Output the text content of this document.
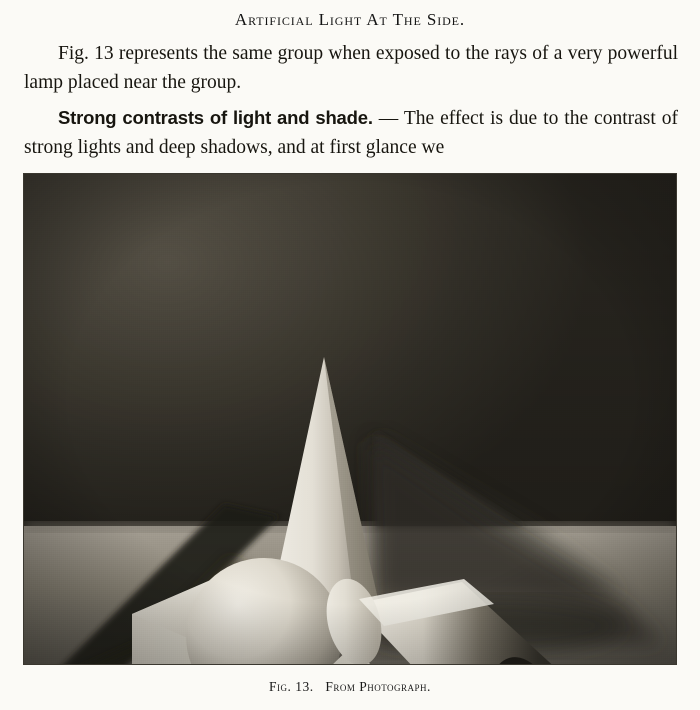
Artificial Light At The Side.

Fig. 13 represents the same group when exposed to the rays of a very powerful lamp placed near the group.

Strong contrasts of light and shade. — The effect is due to the contrast of strong lights and deep shadows, and at first glance we

Fig. 13. From Photograph.
